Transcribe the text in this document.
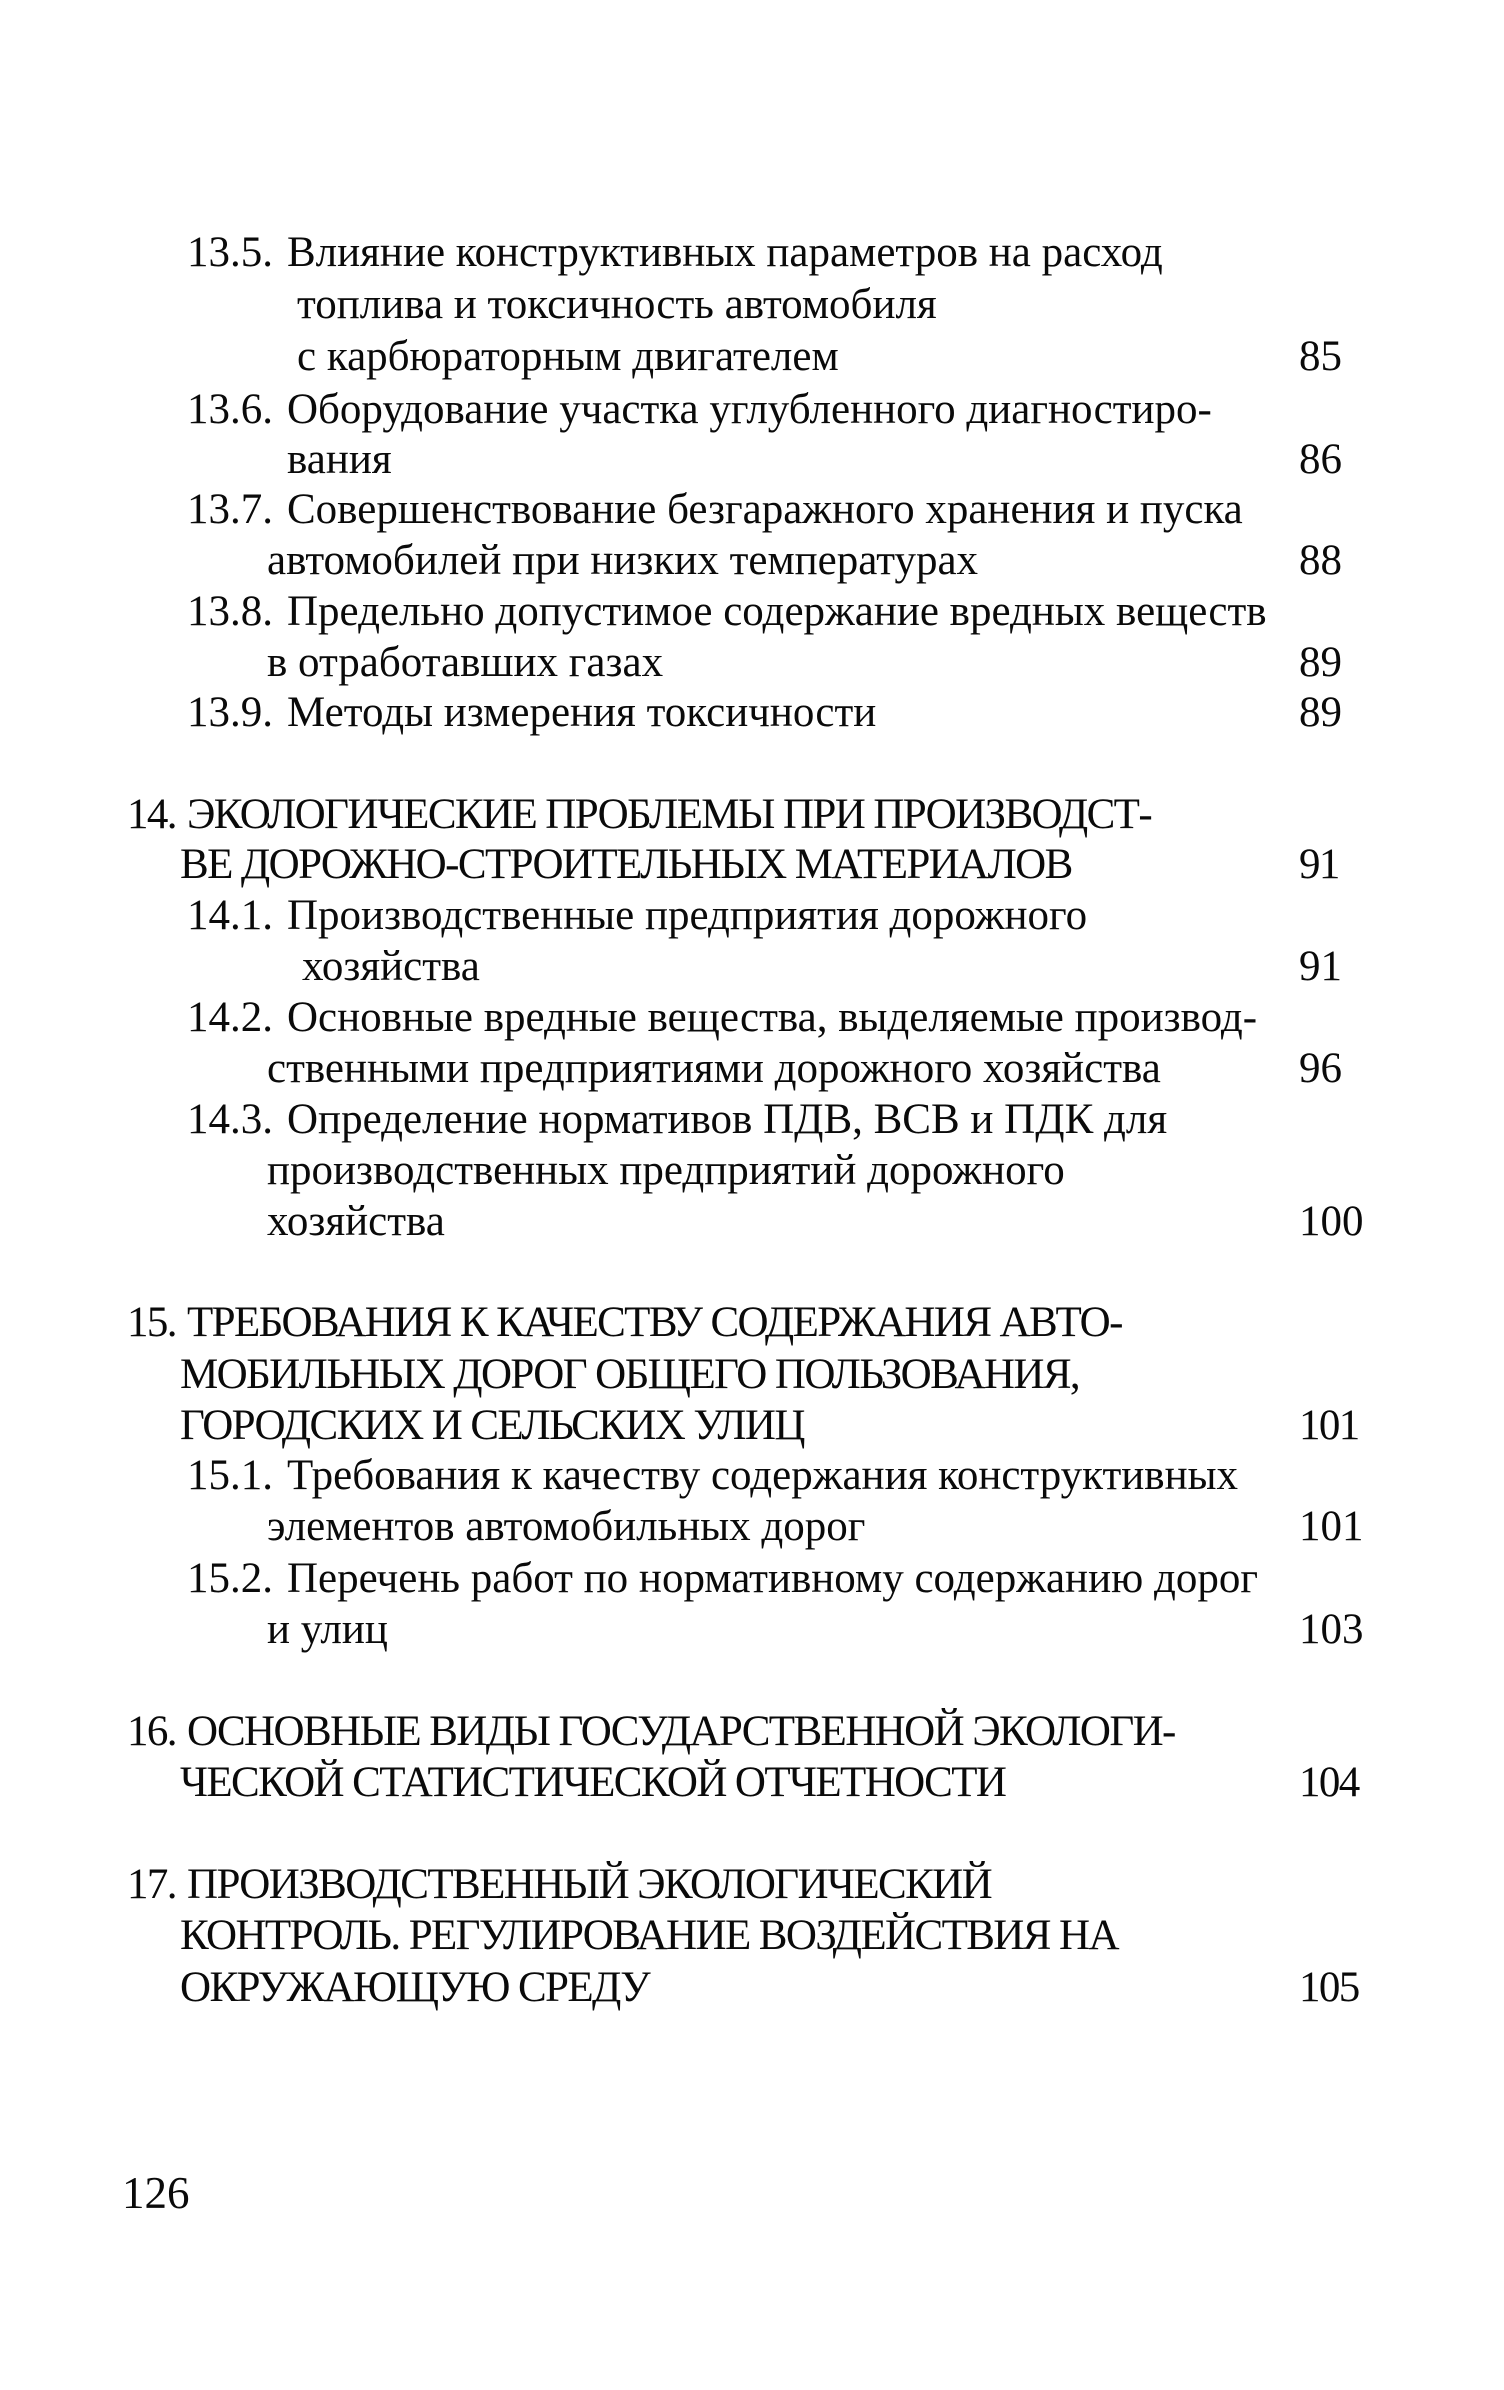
13.5. Влияние конструктивных параметров на расход
топлива и токсичность автомобиля
с карбюраторным двигателем	85
13.6. Оборудование участка углубленного диагностиро-
вания	86
13.7. Совершенствование безгаражного хранения и пуска
автомобилей при низких температурах	88
13.8. Предельно допустимое содержание вредных веществ
в отработавших газах	89
13.9. Методы измерения токсичности	89
14. ЭКОЛОГИЧЕСКИЕ ПРОБЛЕМЫ ПРИ ПРОИЗВОДСТ-
ВЕ ДОРОЖНО-СТРОИТЕЛЬНЫХ МАТЕРИАЛОВ	91
14.1. Производственные предприятия дорожного
хозяйства	91
14.2. Основные вредные вещества, выделяемые производ-
ственными предприятиями дорожного хозяйства	96
14.3. Определение нормативов ПДВ, ВСВ и ПДК для
производственных предприятий дорожного
хозяйства	100
15. ТРЕБОВАНИЯ К КАЧЕСТВУ СОДЕРЖАНИЯ АВТО-
МОБИЛЬНЫХ ДОРОГ ОБЩЕГО ПОЛЬЗОВАНИЯ,
ГОРОДСКИХ И СЕЛЬСКИХ УЛИЦ	101
15.1. Требования к качеству содержания конструктивных
элементов автомобильных дорог	101
15.2. Перечень работ по нормативному содержанию дорог
и улиц	103
16. ОСНОВНЫЕ ВИДЫ ГОСУДАРСТВЕННОЙ ЭКОЛОГИ-
ЧЕСКОЙ СТАТИСТИЧЕСКОЙ ОТЧЕТНОСТИ	104
17. ПРОИЗВОДСТВЕННЫЙ ЭКОЛОГИЧЕСКИЙ
КОНТРОЛЬ. РЕГУЛИРОВАНИЕ ВОЗДЕЙСТВИЯ НА
ОКРУЖАЮЩУЮ СРЕДУ	105
126
